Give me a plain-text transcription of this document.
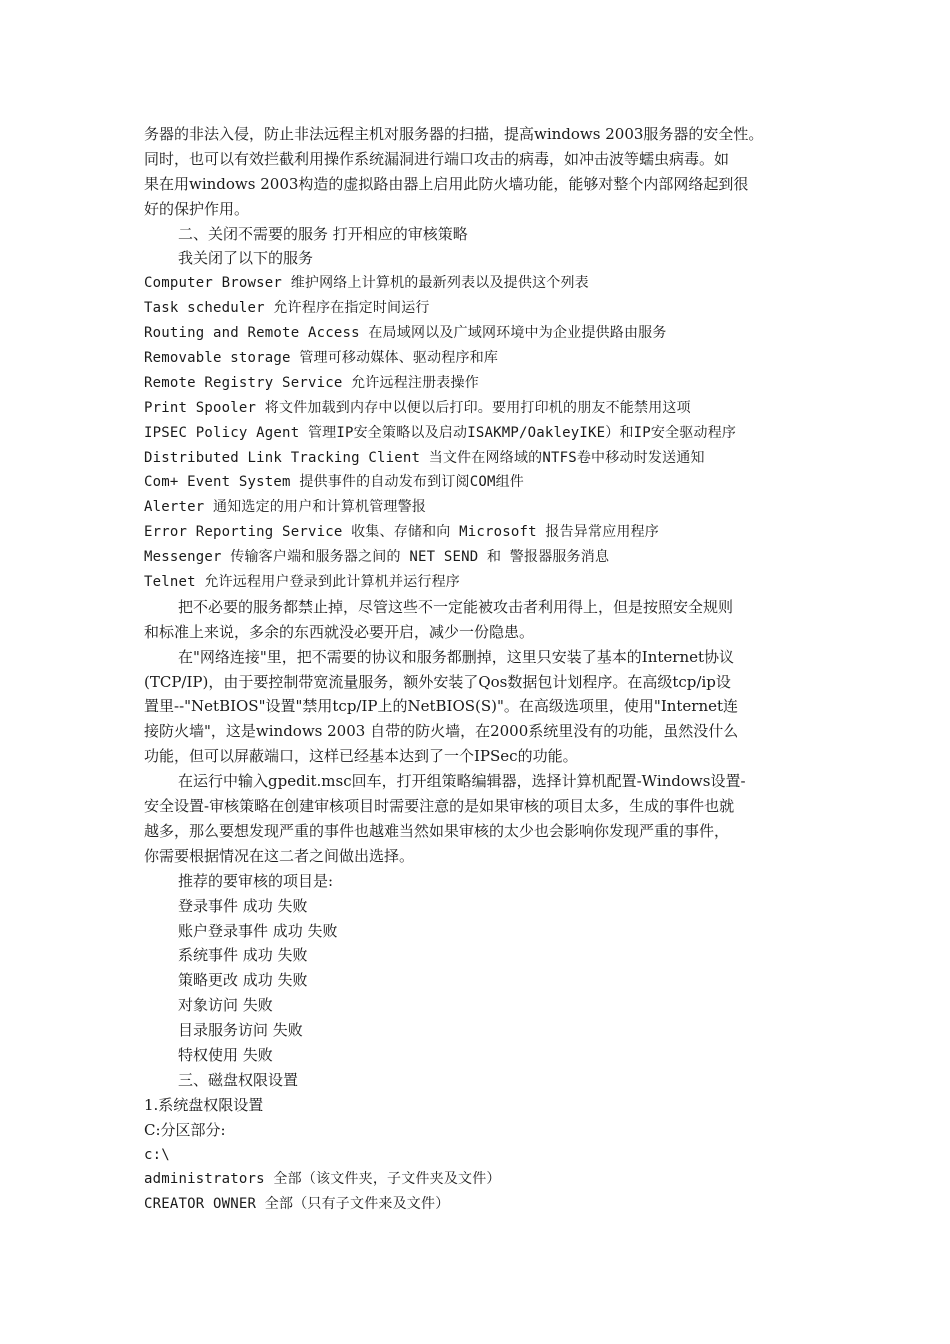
务器的非法入侵，防止非法远程主机对服务器的扫描，提高windows 2003服务器的安全性。
同时，也可以有效拦截利用操作系统漏洞进行端口攻击的病毒，如冲击波等蠕虫病毒。如
果在用windows 2003构造的虚拟路由器上启用此防火墙功能，能够对整个内部网络起到很
好的保护作用。
二、关闭不需要的服务 打开相应的审核策略
我关闭了以下的服务
Computer Browser 维护网络上计算机的最新列表以及提供这个列表
Task scheduler 允许程序在指定时间运行
Routing and Remote Access 在局域网以及广域网环境中为企业提供路由服务
Removable storage 管理可移动媒体、驱动程序和库
Remote Registry Service 允许远程注册表操作
Print Spooler 将文件加载到内存中以便以后打印。要用打印机的朋友不能禁用这项
IPSEC Policy Agent 管理IP安全策略以及启动ISAKMP/OakleyIKE）和IP安全驱动程序
Distributed Link Tracking Client 当文件在网络域的NTFS卷中移动时发送通知
Com+ Event System 提供事件的自动发布到订阅COM组件
Alerter 通知选定的用户和计算机管理警报
Error Reporting Service 收集、存储和向 Microsoft 报告异常应用程序
Messenger 传输客户端和服务器之间的 NET SEND 和 警报器服务消息
Telnet 允许远程用户登录到此计算机并运行程序
把不必要的服务都禁止掉，尽管这些不一定能被攻击者利用得上，但是按照安全规则
和标准上来说，多余的东西就没必要开启，减少一份隐患。
在"网络连接"里，把不需要的协议和服务都删掉，这里只安装了基本的Internet协议
(TCP/IP)，由于要控制带宽流量服务，额外安装了Qos数据包计划程序。在高级tcp/ip设
置里--"NetBIOS"设置"禁用tcp/IP上的NetBIOS(S)"。在高级选项里，使用"Internet连
接防火墙"，这是windows 2003 自带的防火墙，在2000系统里没有的功能，虽然没什么
功能，但可以屏蔽端口，这样已经基本达到了一个IPSec的功能。
在运行中输入gpedit.msc回车，打开组策略编辑器，选择计算机配置-Windows设置-
安全设置-审核策略在创建审核项目时需要注意的是如果审核的项目太多，生成的事件也就
越多，那么要想发现严重的事件也越难当然如果审核的太少也会影响你发现严重的事件，
你需要根据情况在这二者之间做出选择。
推荐的要审核的项目是:
登录事件 成功 失败
账户登录事件 成功 失败
系统事件 成功 失败
策略更改 成功 失败
对象访问 失败
目录服务访问 失败
特权使用 失败
三、磁盘权限设置
1.系统盘权限设置
C:分区部分:
c:\
administrators 全部（该文件夹，子文件夹及文件）
CREATOR OWNER 全部（只有子文件来及文件）
